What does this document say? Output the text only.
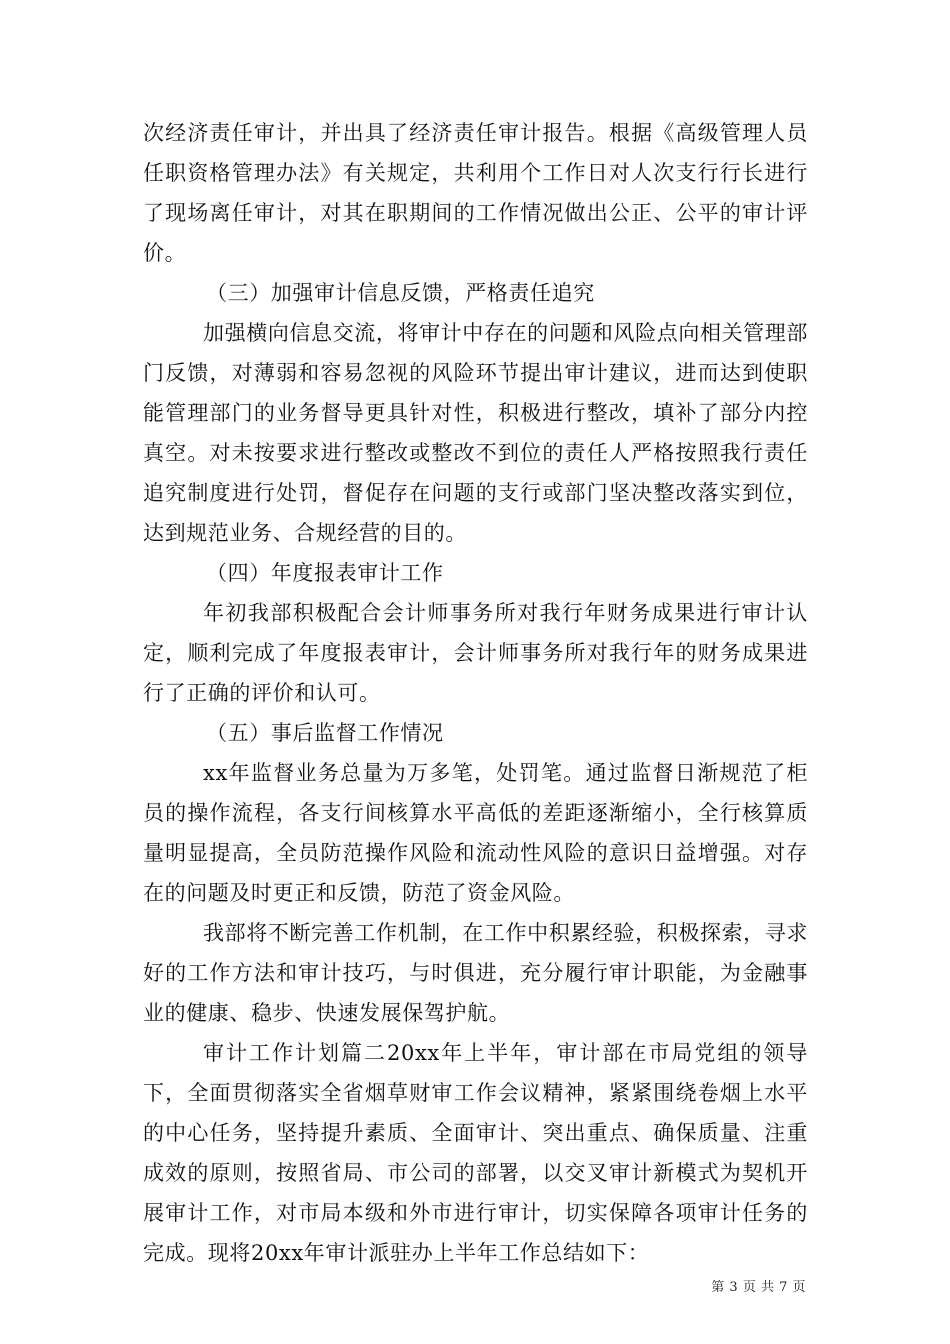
次经济责任审计，并出具了经济责任审计报告。根据《高级管理人员任职资格管理办法》有关规定，共利用个工作日对人次支行行长进行了现场离任审计，对其在职期间的工作情况做出公正、公平的审计评价。

（三）加强审计信息反馈，严格责任追究

加强横向信息交流，将审计中存在的问题和风险点向相关管理部门反馈，对薄弱和容易忽视的风险环节提出审计建议，进而达到使职能管理部门的业务督导更具针对性，积极进行整改，填补了部分内控真空。对未按要求进行整改或整改不到位的责任人严格按照我行责任追究制度进行处罚，督促存在问题的支行或部门坚决整改落实到位，达到规范业务、合规经营的目的。

（四）年度报表审计工作

年初我部积极配合会计师事务所对我行年财务成果进行审计认定，顺利完成了年度报表审计，会计师事务所对我行年的财务成果进行了正确的评价和认可。

（五）事后监督工作情况

xx年监督业务总量为万多笔，处罚笔。通过监督日渐规范了柜员的操作流程，各支行间核算水平高低的差距逐渐缩小，全行核算质量明显提高，全员防范操作风险和流动性风险的意识日益增强。对存在的问题及时更正和反馈，防范了资金风险。

我部将不断完善工作机制，在工作中积累经验，积极探索，寻求好的工作方法和审计技巧，与时俱进，充分履行审计职能，为金融事业的健康、稳步、快速发展保驾护航。

审计工作计划篇二20xx年上半年，审计部在市局党组的领导下，全面贯彻落实全省烟草财审工作会议精神，紧紧围绕卷烟上水平的中心任务，坚持提升素质、全面审计、突出重点、确保质量、注重成效的原则，按照省局、市公司的部署，以交叉审计新模式为契机开展审计工作，对市局本级和外市进行审计，切实保障各项审计任务的完成。现将20xx年审计派驻办上半年工作总结如下：

第 3 页 共 7 页
